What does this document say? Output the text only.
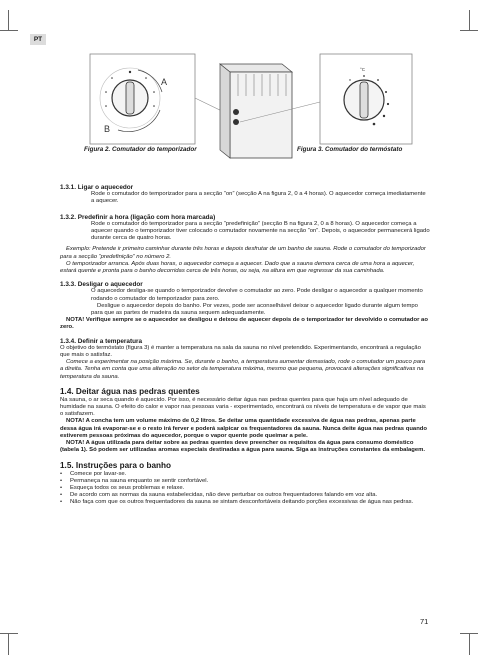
PT
A
B
°C
Figura 2. Comutador do temporizador	Figura 3. Comutador do termóstato

1.3.1. Ligar o aquecedor

Rode o comutador do temporizador para a secção “on” (secção A na figura 2, 0 a 4 horas). O aquecedor começa imediatamente a aquecer.

1.3.2. Predefinir a hora (ligação com hora marcada)

Rode o comutador do temporizador para a secção “predefinição” (secção B na figura 2, 0 a 8 horas). O aquecedor começa a aquecer quando o temporizador tiver colocado o comutador novamente na secção “on”. Depois, o aquecedor permanecerá ligado durante cerca de quatro horas.

Exemplo: Pretende ir primeiro caminhar durante três horas e depois desfrutar de um banho de sauna. Rode o comutador do temporizador para a secção “predefinição” no número 2.

O temporizador arranca. Após duas horas, o aquecedor começa a aquecer. Dado que a sauna demora cerca de uma hora a aquecer, estará quente e pronta para o banho decorridas cerca de três horas, ou seja, na altura em que regressar da sua caminhada.

1.3.3. Desligar o aquecedor

O aquecedor desliga-se quando o temporizador devolve o comutador ao zero. Pode desligar o aquecedor a qualquer momento rodando o comutador do temporizador para zero.

Desligue o aquecedor depois do banho. Por vezes, pode ser aconselhável deixar o aquecedor ligado durante algum tempo para que as partes de madeira da sauna sequem adequadamente.

NOTA! Verifique sempre se o aquecedor se desligou e deixou de aquecer depois de o temporizador ter devolvido o comutador ao zero.

1.3.4. Definir a temperatura

O objetivo do termóstato (figura 3) é manter a temperatura na sala da sauna no nível pretendido. Experimentando, encontrará a regulação que mais o satisfaz.

Comece a experimentar na posição máxima. Se, durante o banho, a temperatura aumentar demasiado, rode o comutador um pouco para a direita. Tenha em conta que uma alteração no setor da temperatura máxima, mesmo que pequena, provocará alterações significativas na temperatura da sauna.

1.4. Deitar água nas pedras quentes

Na sauna, o ar seca quando é aquecido. Por isso, é necessário deitar água nas pedras quentes para que haja um nível adequado de humidade na sauna. O efeito do calor e vapor nas pessoas varia - experimentado, encontrará os níveis de temperatura e de vapor que mais o satisfazem.

NOTA! A concha tem um volume máximo de 0,2 litros. Se deitar uma quantidade excessiva de água nas pedras, apenas parte dessa água irá evaporar-se e o resto irá ferver e poderá salpicar os frequentadores da sauna. Nunca deite água nas pedras quando estiverem pessoas próximas do aquecedor, porque o vapor quente pode queimar a pele.

NOTA! A água utilizada para deitar sobre as pedras quentes deve preencher os requisitos da água para consumo doméstico (tabela 1). Só podem ser utilizadas aromas especiais destinadas a água para sauna. Siga as instruções constantes da embalagem.

1.5. Instruções para o banho

• Comece por lavar-se.
• Permaneça na sauna enquanto se sentir confortável.
• Esqueça todos os seus problemas e relaxe.
• De acordo com as normas da sauna estabelecidas, não deve perturbar os outros frequentadores falando em voz alta.
• Não faça com que os outros frequentadores da sauna se sintam desconfortáveis deitando porções excessivas de água nas pedras.
71
